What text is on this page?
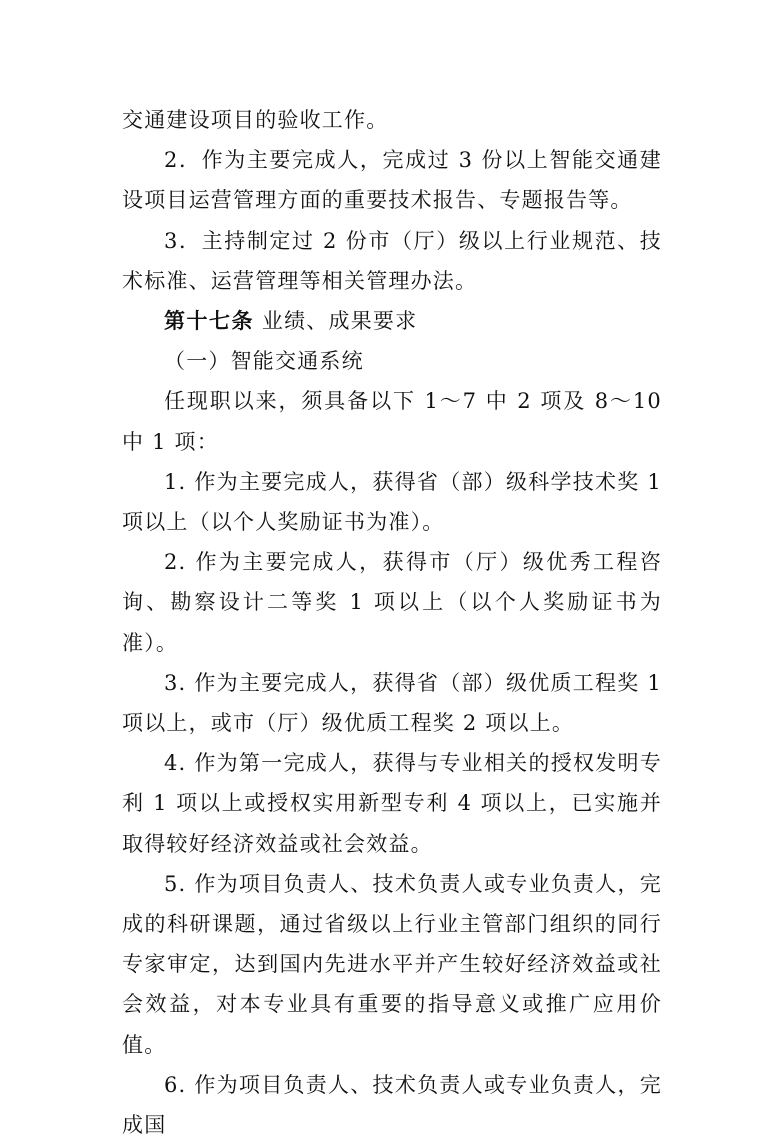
交通建设项目的验收工作。

2．作为主要完成人，完成过 3 份以上智能交通建设项目运营管理方面的重要技术报告、专题报告等。

3．主持制定过 2 份市（厅）级以上行业规范、技术标准、运营管理等相关管理办法。

第十七条 业绩、成果要求

（一）智能交通系统

任现职以来，须具备以下 1～7 中 2 项及 8～10 中 1 项：

1. 作为主要完成人，获得省（部）级科学技术奖 1 项以上（以个人奖励证书为准）。

2. 作为主要完成人，获得市（厅）级优秀工程咨询、勘察设计二等奖 1 项以上（以个人奖励证书为准）。

3. 作为主要完成人，获得省（部）级优质工程奖 1 项以上，或市（厅）级优质工程奖 2 项以上。

4. 作为第一完成人，获得与专业相关的授权发明专利 1 项以上或授权实用新型专利 4 项以上，已实施并取得较好经济效益或社会效益。

5. 作为项目负责人、技术负责人或专业负责人，完成的科研课题，通过省级以上行业主管部门组织的同行专家审定，达到国内先进水平并产生较好经济效益或社会效益，对本专业具有重要的指导意义或推广应用价值。

6. 作为项目负责人、技术负责人或专业负责人，完成国
